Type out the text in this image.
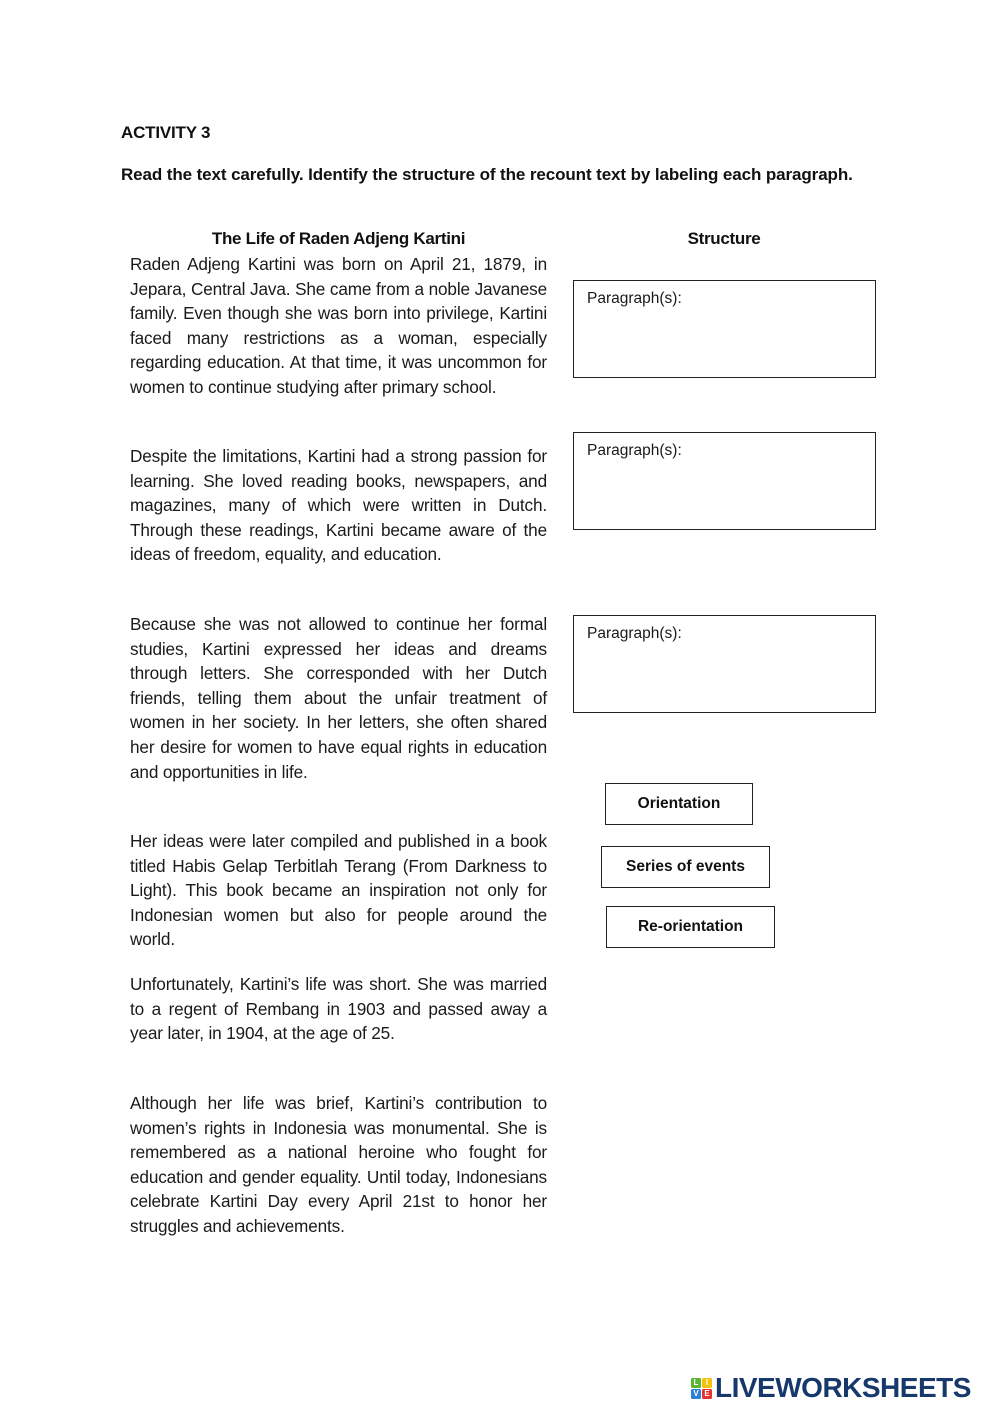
ACTIVITY 3
Read the text carefully. Identify the structure of the recount text by labeling each paragraph.
The Life of Raden Adjeng Kartini	Structure

Raden Adjeng Kartini was born on April 21, 1879, in Jepara, Central Java. She came from a noble Javanese family. Even though she was born into privilege, Kartini faced many restrictions as a woman, especially regarding education. At that time, it was uncommon for women to continue studying after primary school.

Despite the limitations, Kartini had a strong passion for learning. She loved reading books, newspapers, and magazines, many of which were written in Dutch. Through these readings, Kartini became aware of the ideas of freedom, equality, and education.

Because she was not allowed to continue her formal studies, Kartini expressed her ideas and dreams through letters. She corresponded with her Dutch friends, telling them about the unfair treatment of women in her society. In her letters, she often shared her desire for women to have equal rights in education and opportunities in life.

Her ideas were later compiled and published in a book titled Habis Gelap Terbitlah Terang (From Darkness to Light). This book became an inspiration not only for Indonesian women but also for people around the world.

Unfortunately, Kartini’s life was short. She was married to a regent of Rembang in 1903 and passed away a year later, in 1904, at the age of 25.

Although her life was brief, Kartini’s contribution to women’s rights in Indonesia was monumental. She is remembered as a national heroine who fought for education and gender equality. Until today, Indonesians celebrate Kartini Day every April 21st to honor her struggles and achievements.

Paragraph(s):
Paragraph(s):
Paragraph(s):
Orientation
Series of events
Re-orientation
L I
V E LIVEWORKSHEETS
